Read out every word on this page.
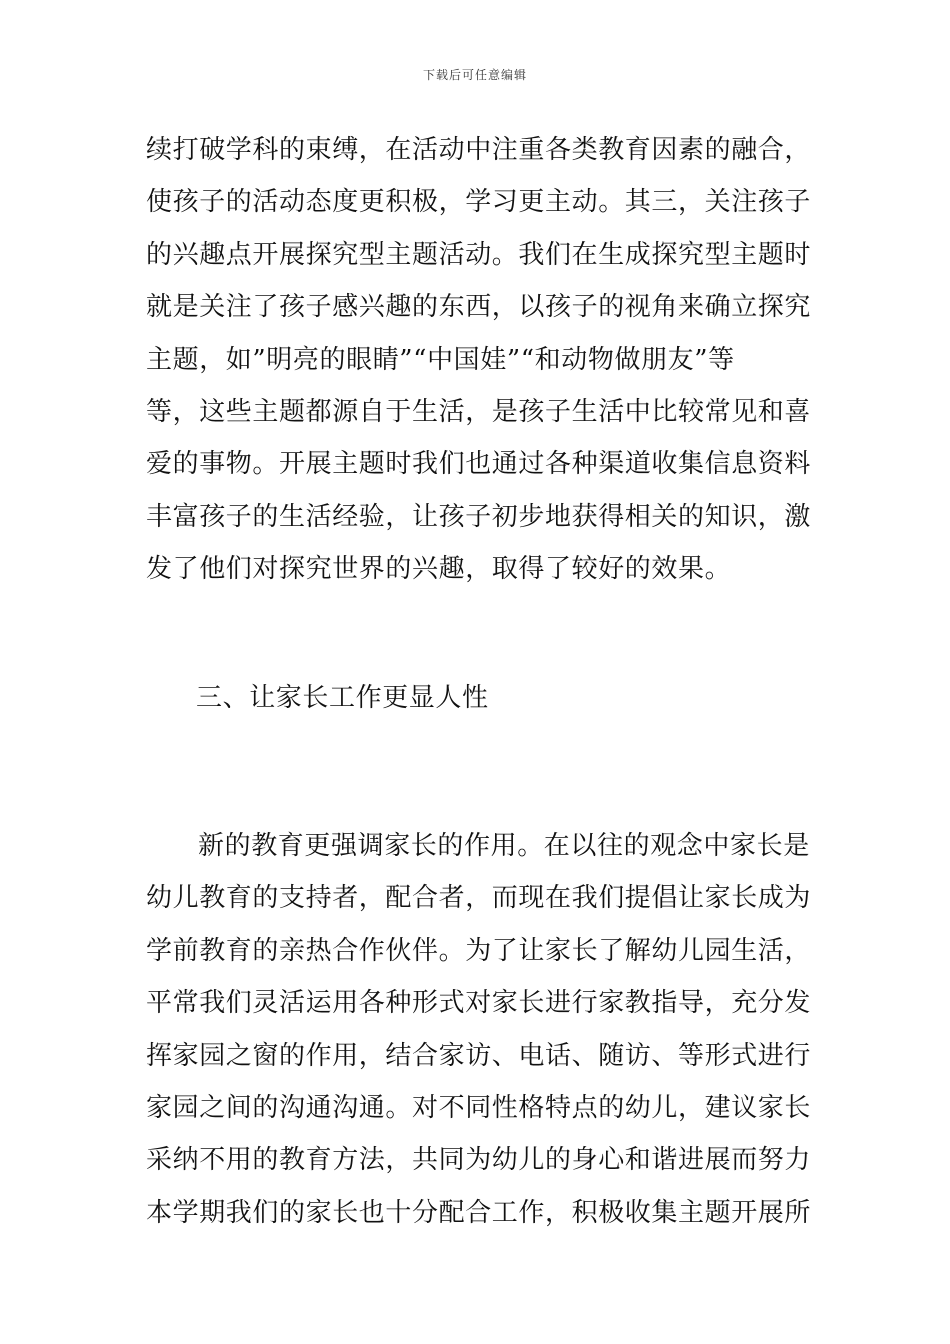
下载后可任意编辑
续打破学科的束缚，在活动中注重各类教育因素的融合，
使孩子的活动态度更积极，学习更主动。其三，关注孩子
的兴趣点开展探究型主题活动。我们在生成探究型主题时
就是关注了孩子感兴趣的东西，以孩子的视角来确立探究
主题，如”明亮的眼睛”“中国娃”“和动物做朋友”等
等，这些主题都源自于生活，是孩子生活中比较常见和喜
爱的事物。开展主题时我们也通过各种渠道收集信息资料
丰富孩子的生活经验，让孩子初步地获得相关的知识，激
发了他们对探究世界的兴趣，取得了较好的效果。
三、让家长工作更显人性
新的教育更强调家长的作用。在以往的观念中家长是
幼儿教育的支持者，配合者，而现在我们提倡让家长成为
学前教育的亲热合作伙伴。为了让家长了解幼儿园生活，
平常我们灵活运用各种形式对家长进行家教指导，充分发
挥家园之窗的作用，结合家访、电话、随访、等形式进行
家园之间的沟通沟通。对不同性格特点的幼儿，建议家长
采纳不用的教育方法，共同为幼儿的身心和谐进展而努力
本学期我们的家长也十分配合工作，积极收集主题开展所
